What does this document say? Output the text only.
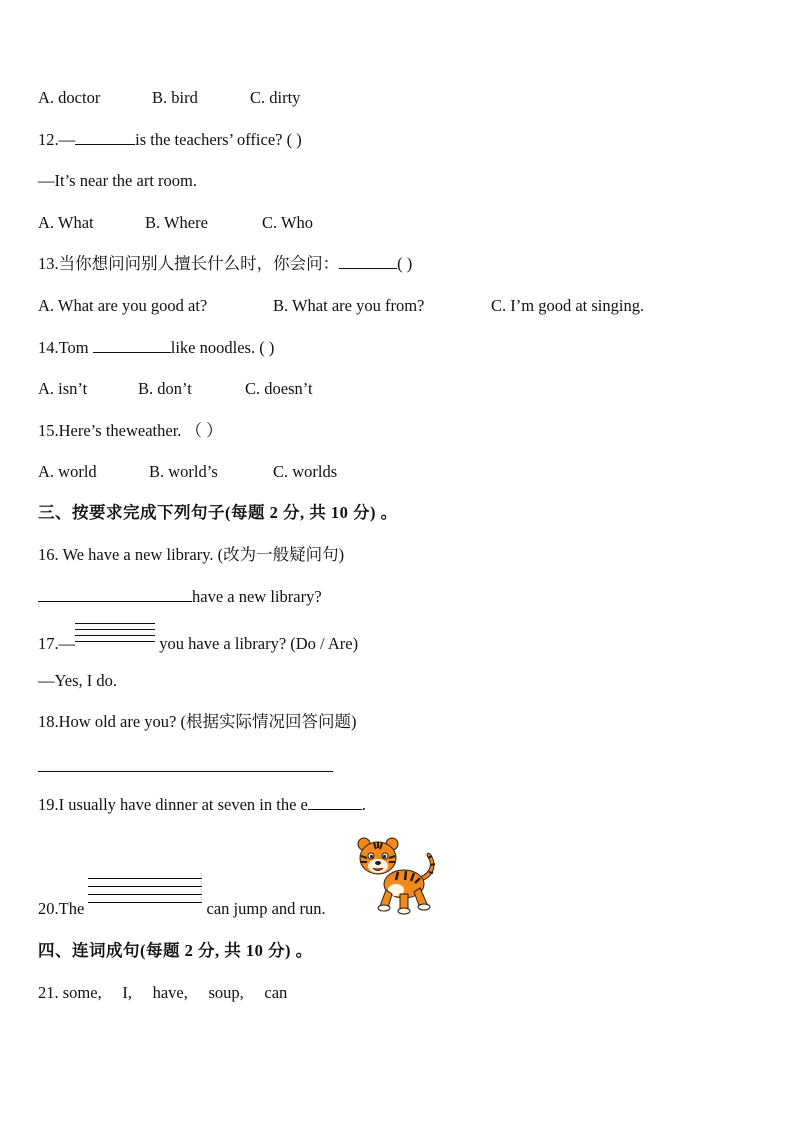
A. doctor	B. bird	C. dirty
12.—	is the teachers’ office? ( )
—It’s near the art room.
A. What	B. Where	C. Who
13.当你想问问别人擅长什么时，你会问：	( )
A. What are you good at?	B. What are you from?	C. I’m good at singing.
14.Tom	like noodles. ( )
A. isn’t	B. don’t	C. doesn’t
15.Here’s theweather. （ ）
A. world	B. world’s	C. worlds
三、按要求完成下列句子(每题 2 分, 共 10 分) 。
16. We have a new library. (改为一般疑问句)
have a new library?
17.—	you have a library? (Do / Are)
—Yes, I do.
18.How old are you? (根据实际情况回答问题)
19.I usually have dinner at seven in the e	.
20.The	can jump and run.
四、连词成句(每题 2 分, 共 10 分) 。
21. some,     I,     have,     soup,     can
